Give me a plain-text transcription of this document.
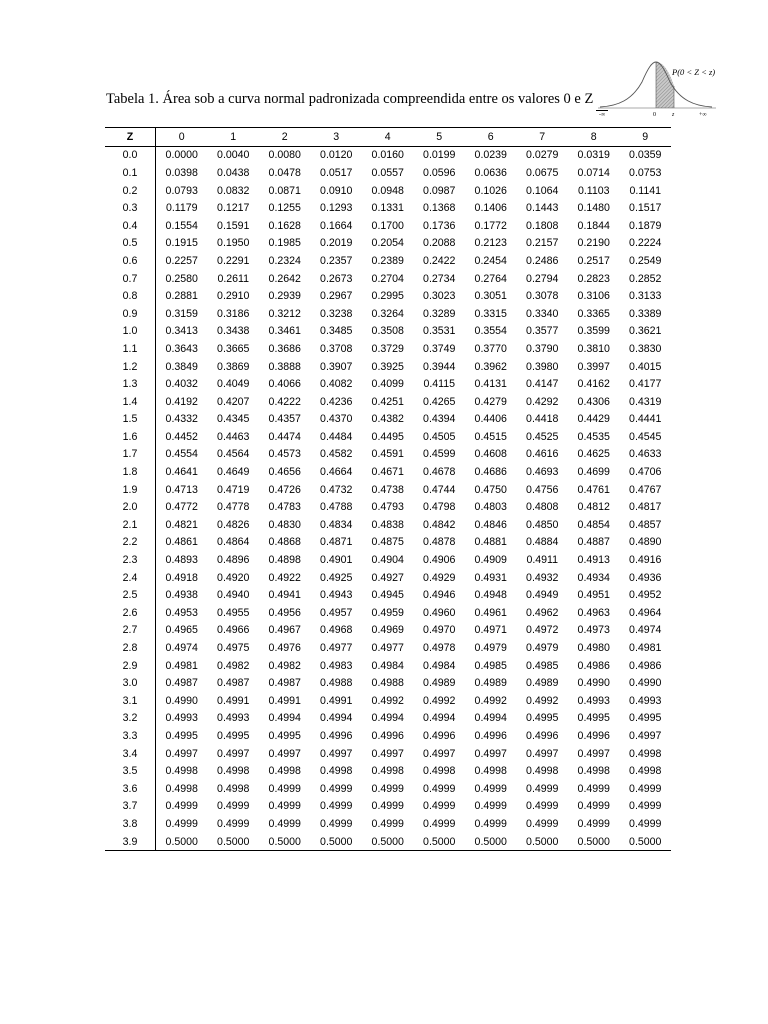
Tabela 1. Área sob a curva normal padronizada compreendida entre os valores 0 e Z
P(0 < Z < z)
-∞	0	z	+∞
Z	0	1	2	3	4	5	6	7	8	9
0.0	0.0000	0.0040	0.0080	0.0120	0.0160	0.0199	0.0239	0.0279	0.0319	0.0359
0.1	0.0398	0.0438	0.0478	0.0517	0.0557	0.0596	0.0636	0.0675	0.0714	0.0753
0.2	0.0793	0.0832	0.0871	0.0910	0.0948	0.0987	0.1026	0.1064	0.1103	0.1141
0.3	0.1179	0.1217	0.1255	0.1293	0.1331	0.1368	0.1406	0.1443	0.1480	0.1517
0.4	0.1554	0.1591	0.1628	0.1664	0.1700	0.1736	0.1772	0.1808	0.1844	0.1879
0.5	0.1915	0.1950	0.1985	0.2019	0.2054	0.2088	0.2123	0.2157	0.2190	0.2224
0.6	0.2257	0.2291	0.2324	0.2357	0.2389	0.2422	0.2454	0.2486	0.2517	0.2549
0.7	0.2580	0.2611	0.2642	0.2673	0.2704	0.2734	0.2764	0.2794	0.2823	0.2852
0.8	0.2881	0.2910	0.2939	0.2967	0.2995	0.3023	0.3051	0.3078	0.3106	0.3133
0.9	0.3159	0.3186	0.3212	0.3238	0.3264	0.3289	0.3315	0.3340	0.3365	0.3389
1.0	0.3413	0.3438	0.3461	0.3485	0.3508	0.3531	0.3554	0.3577	0.3599	0.3621
1.1	0.3643	0.3665	0.3686	0.3708	0.3729	0.3749	0.3770	0.3790	0.3810	0.3830
1.2	0.3849	0.3869	0.3888	0.3907	0.3925	0.3944	0.3962	0.3980	0.3997	0.4015
1.3	0.4032	0.4049	0.4066	0.4082	0.4099	0.4115	0.4131	0.4147	0.4162	0.4177
1.4	0.4192	0.4207	0.4222	0.4236	0.4251	0.4265	0.4279	0.4292	0.4306	0.4319
1.5	0.4332	0.4345	0.4357	0.4370	0.4382	0.4394	0.4406	0.4418	0.4429	0.4441
1.6	0.4452	0.4463	0.4474	0.4484	0.4495	0.4505	0.4515	0.4525	0.4535	0.4545
1.7	0.4554	0.4564	0.4573	0.4582	0.4591	0.4599	0.4608	0.4616	0.4625	0.4633
1.8	0.4641	0.4649	0.4656	0.4664	0.4671	0.4678	0.4686	0.4693	0.4699	0.4706
1.9	0.4713	0.4719	0.4726	0.4732	0.4738	0.4744	0.4750	0.4756	0.4761	0.4767
2.0	0.4772	0.4778	0.4783	0.4788	0.4793	0.4798	0.4803	0.4808	0.4812	0.4817
2.1	0.4821	0.4826	0.4830	0.4834	0.4838	0.4842	0.4846	0.4850	0.4854	0.4857
2.2	0.4861	0.4864	0.4868	0.4871	0.4875	0.4878	0.4881	0.4884	0.4887	0.4890
2.3	0.4893	0.4896	0.4898	0.4901	0.4904	0.4906	0.4909	0.4911	0.4913	0.4916
2.4	0.4918	0.4920	0.4922	0.4925	0.4927	0.4929	0.4931	0.4932	0.4934	0.4936
2.5	0.4938	0.4940	0.4941	0.4943	0.4945	0.4946	0.4948	0.4949	0.4951	0.4952
2.6	0.4953	0.4955	0.4956	0.4957	0.4959	0.4960	0.4961	0.4962	0.4963	0.4964
2.7	0.4965	0.4966	0.4967	0.4968	0.4969	0.4970	0.4971	0.4972	0.4973	0.4974
2.8	0.4974	0.4975	0.4976	0.4977	0.4977	0.4978	0.4979	0.4979	0.4980	0.4981
2.9	0.4981	0.4982	0.4982	0.4983	0.4984	0.4984	0.4985	0.4985	0.4986	0.4986
3.0	0.4987	0.4987	0.4987	0.4988	0.4988	0.4989	0.4989	0.4989	0.4990	0.4990
3.1	0.4990	0.4991	0.4991	0.4991	0.4992	0.4992	0.4992	0.4992	0.4993	0.4993
3.2	0.4993	0.4993	0.4994	0.4994	0.4994	0.4994	0.4994	0.4995	0.4995	0.4995
3.3	0.4995	0.4995	0.4995	0.4996	0.4996	0.4996	0.4996	0.4996	0.4996	0.4997
3.4	0.4997	0.4997	0.4997	0.4997	0.4997	0.4997	0.4997	0.4997	0.4997	0.4998
3.5	0.4998	0.4998	0.4998	0.4998	0.4998	0.4998	0.4998	0.4998	0.4998	0.4998
3.6	0.4998	0.4998	0.4999	0.4999	0.4999	0.4999	0.4999	0.4999	0.4999	0.4999
3.7	0.4999	0.4999	0.4999	0.4999	0.4999	0.4999	0.4999	0.4999	0.4999	0.4999
3.8	0.4999	0.4999	0.4999	0.4999	0.4999	0.4999	0.4999	0.4999	0.4999	0.4999
3.9	0.5000	0.5000	0.5000	0.5000	0.5000	0.5000	0.5000	0.5000	0.5000	0.5000
